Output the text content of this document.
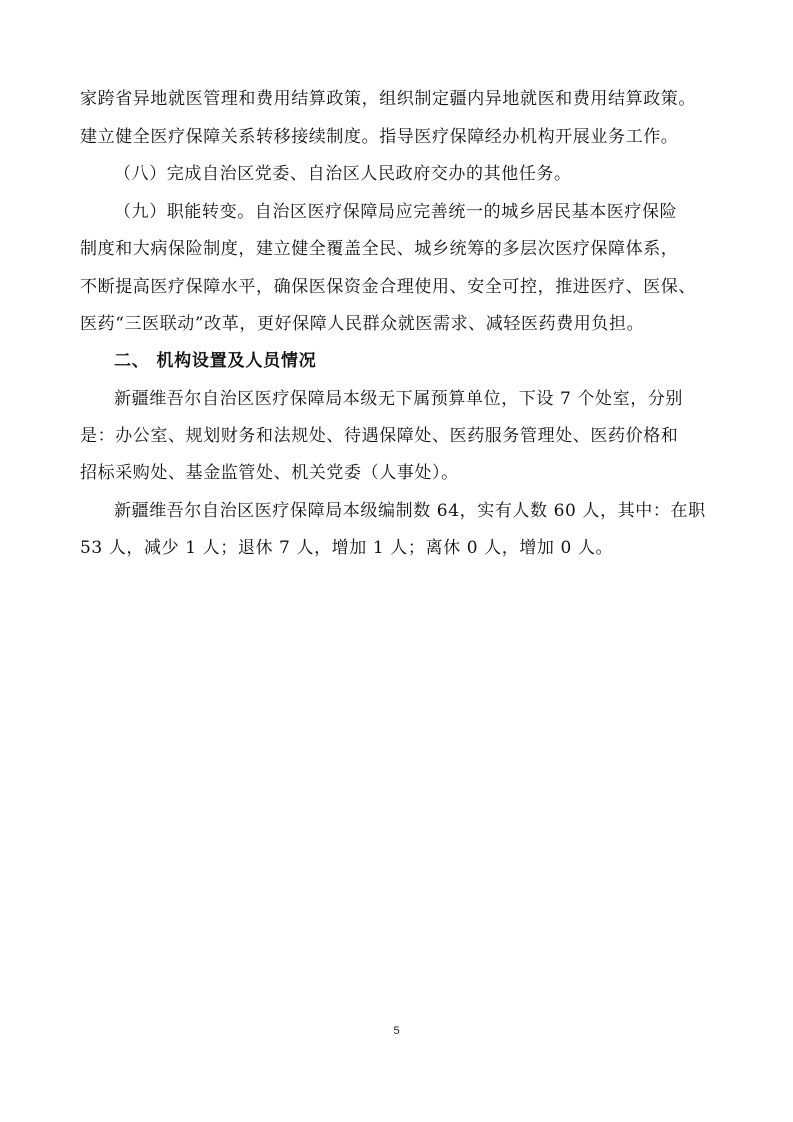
家跨省异地就医管理和费用结算政策，组织制定疆内异地就医和费用结算政策。
建立健全医疗保障关系转移接续制度。指导医疗保障经办机构开展业务工作。
（八）完成自治区党委、自治区人民政府交办的其他任务。
（九）职能转变。自治区医疗保障局应完善统一的城乡居民基本医疗保险
制度和大病保险制度，建立健全覆盖全民、城乡统筹的多层次医疗保障体系，
不断提高医疗保障水平，确保医保资金合理使用、安全可控，推进医疗、医保、
医药“三医联动”改革，更好保障人民群众就医需求、减轻医药费用负担。
二、 机构设置及人员情况
新疆维吾尔自治区医疗保障局本级无下属预算单位，下设 7 个处室，分别
是：办公室、规划财务和法规处、待遇保障处、医药服务管理处、医药价格和
招标采购处、基金监管处、机关党委（人事处）。
新疆维吾尔自治区医疗保障局本级编制数 64，实有人数 60 人，其中：在职
53 人，减少 1 人；退休 7 人，增加 1 人；离休 0 人，增加 0 人。
5
